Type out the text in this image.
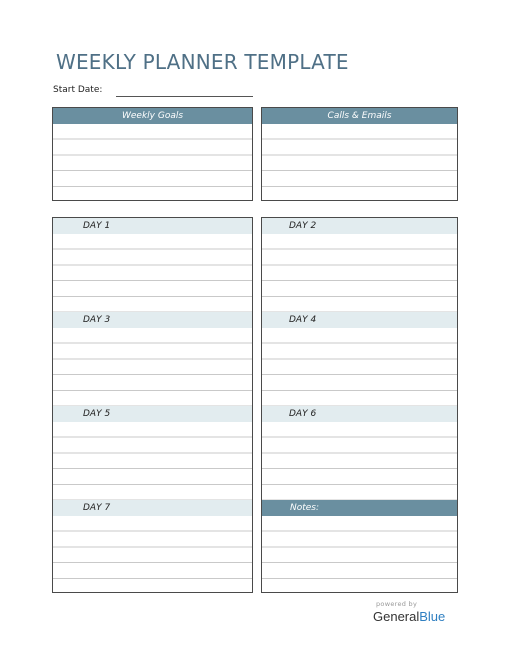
WEEKLY PLANNER TEMPLATE
Start Date:
Weekly Goals	Calls & Emails
DAY 1
DAY 3
DAY 5
DAY 7
DAY 2
DAY 4
DAY 6
Notes:
powered by
GeneralBlue
